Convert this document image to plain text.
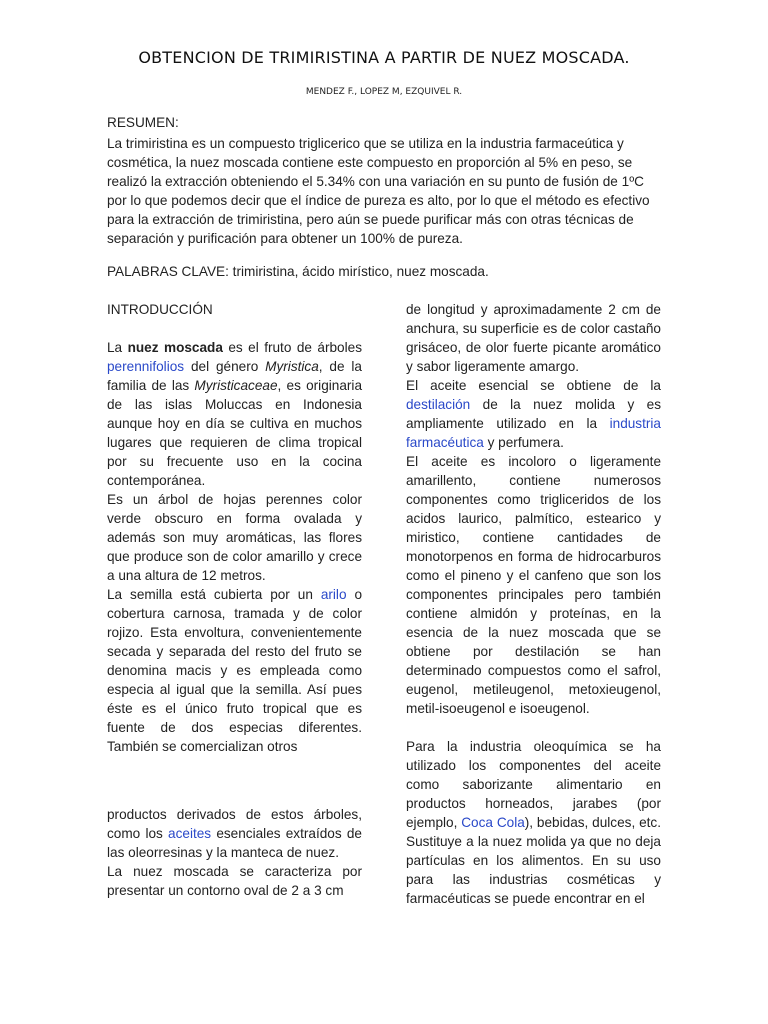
OBTENCION DE TRIMIRISTINA A PARTIR DE NUEZ MOSCADA.
MENDEZ F., LOPEZ M, EZQUIVEL R.
RESUMEN:
La trimiristina es un compuesto triglicerico que se utiliza en la industria farmaceútica y cosmética, la nuez moscada contiene este compuesto en proporción al 5% en peso, se realizó la extracción obteniendo el 5.34% con una variación en su punto de fusión de 1ºC por lo que podemos decir que el índice de pureza es alto, por lo que el método es efectivo para la extracción de trimiristina, pero aún se puede purificar más con otras técnicas de separación y purificación para obtener un 100% de pureza.
PALABRAS CLAVE: trimiristina, ácido mirístico, nuez moscada.

INTRODUCCIÓN

La nuez moscada es el fruto de árboles perennifolios del género Myristica, de la familia de las Myristicaceae, es originaria de las islas Moluccas en Indonesia aunque hoy en día se cultiva en muchos lugares que requieren de clima tropical por su frecuente uso en la cocina contemporánea.

Es un árbol de hojas perennes color verde obscuro en forma ovalada y además son muy aromáticas, las flores que produce son de color amarillo y crece a una altura de 12 metros.

La semilla está cubierta por un arilo o cobertura carnosa, tramada y de color rojizo. Esta envoltura, convenientemente secada y separada del resto del fruto se denomina macis y es empleada como especia al igual que la semilla. Así pues éste es el único fruto tropical que es fuente de dos especias diferentes. También se comercializan otros

productos derivados de estos árboles, como los aceites esenciales extraídos de las oleorresinas y la manteca de nuez.

La nuez moscada se caracteriza por presentar un contorno oval de 2 a 3 cm

de longitud y aproximadamente 2 cm de anchura, su superficie es de color castaño grisáceo, de olor fuerte picante aromático y sabor ligeramente amargo.

El aceite esencial se obtiene de la destilación de la nuez molida y es ampliamente utilizado en la industria farmacéutica y perfumera.

El aceite es incoloro o ligeramente amarillento, contiene numerosos componentes como trigliceridos de los acidos laurico, palmítico, estearico y miristico, contiene cantidades de monotorpenos en forma de hidrocarburos como el pineno y el canfeno que son los componentes principales pero también contiene almidón y proteínas, en la esencia de la nuez moscada que se obtiene por destilación se han determinado compuestos como el safrol, eugenol, metileugenol, metoxieugenol, metil-isoeugenol e isoeugenol.

Para la industria oleoquímica se ha utilizado los componentes del aceite como saborizante alimentario en productos horneados, jarabes (por ejemplo, Coca Cola), bebidas, dulces, etc. Sustituye a la nuez molida ya que no deja partículas en los alimentos. En su uso para las industrias cosméticas y farmacéuticas se puede encontrar en el
